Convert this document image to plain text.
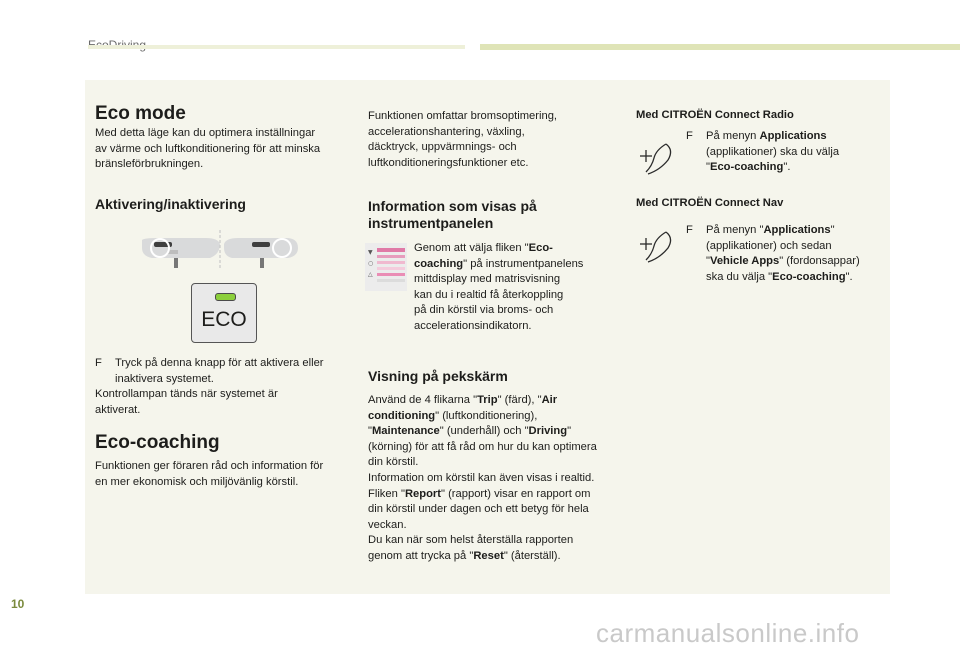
Eco mode

Med detta läge kan du optimera inställningar

av värme och luftkonditionering för att minska

bränsleförbrukningen.

Aktivering/inaktivering
ECO
F Tryck på denna knapp för att aktivera eller

inaktivera systemet.

Kontrollampan tänds när systemet är

aktiverat.

Eco-coaching

Funktionen ger föraren råd och information för

en mer ekonomisk och miljövänlig körstil.

Funktionen omfattar bromsoptimering,

accelerationshantering, växling,

däcktryck, uppvärmnings- och

luftkonditioneringsfunktioner etc.

Information som visas på
instrumentpanelen
▼
○
△

Genom att välja fliken "Eco-

coaching" på instrumentpanelens

mittdisplay med matrisvisning

kan du i realtid få återkoppling

på din körstil via broms- och

accelerationsindikatorn.

Visning på pekskärm

Använd de 4 flikarna "Trip" (färd), "Air

conditioning" (luftkonditionering),

"Maintenance" (underhåll) och "Driving"

(körning) för att få råd om hur du kan optimera

din körstil.

Information om körstil kan även visas i realtid.

Fliken "Report" (rapport) visar en rapport om

din körstil under dagen och ett betyg för hela

veckan.

Du kan när som helst återställa rapporten

genom att trycka på "Reset" (återställ).

Med CITROËN Connect Radio
F På menyn Applications

(applikationer) ska du välja

"Eco-coaching".

Med CITROËN Connect Nav
F På menyn "Applications"

(applikationer) och sedan

"Vehicle Apps" (fordonsappar)

ska du välja "Eco-coaching".

10
carmanualsonline.info
